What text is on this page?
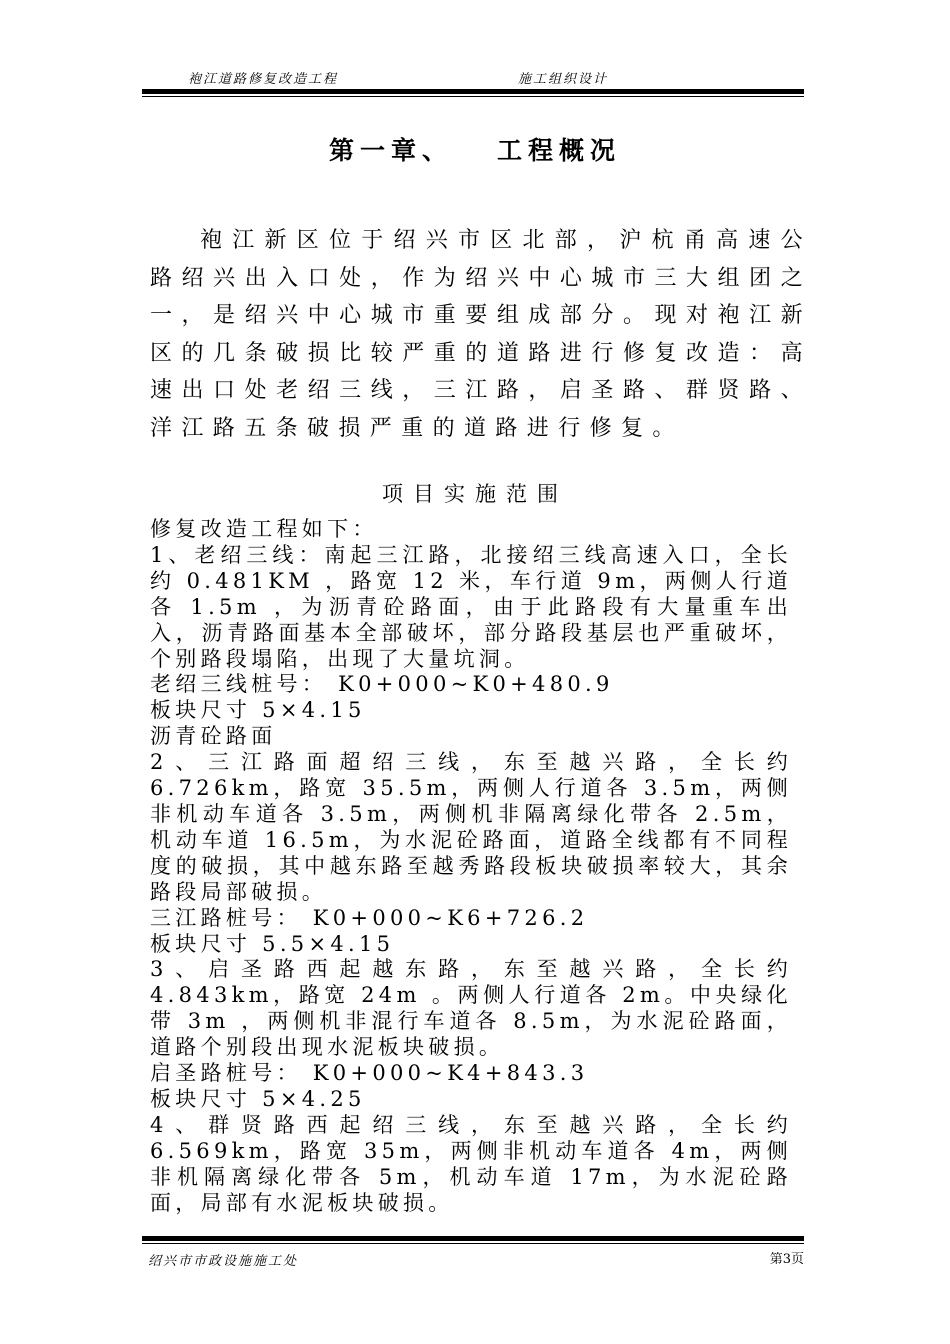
袍江道路修复改造工程	施工组织设计
第一章、 工程概况
袍江新区位于绍兴市区北部，沪杭甬高速公路绍兴出入口处，作为绍兴中心城市三大组团之一，是绍兴中心城市重要组成部分。现对袍江新区的几条破损比较严重的道路进行修复改造：高速出口处老绍三线，三江路，启圣路、群贤路、洋江路五条破损严重的道路进行修复。
项目实施范围

修复改造工程如下：

1、老绍三线：南起三江路，北接绍三线高速入口，全长约 0.481KM ，路宽 12 米，车行道 9m，两侧人行道各 1.5m ，为沥青砼路面，由于此路段有大量重车出入，沥青路面基本全部破坏，部分路段基层也严重破坏，个别路段塌陷，出现了大量坑洞。

老绍三线桩号： K0+000~K0+480.9

板块尺寸 5×4.15

沥青砼路面

2、三江路面超绍三线，东至越兴路，全长约 6.726km，路宽 35.5m，两侧人行道各 3.5m，两侧非机动车道各 3.5m，两侧机非隔离绿化带各 2.5m，机动车道 16.5m，为水泥砼路面，道路全线都有不同程度的破损，其中越东路至越秀路段板块破损率较大，其余路段局部破损。

三江路桩号： K0+000~K6+726.2

板块尺寸 5.5×4.15

3、启圣路西起越东路，东至越兴路，全长约 4.843km，路宽 24m 。两侧人行道各 2m。中央绿化带 3m ，两侧机非混行车道各 8.5m，为水泥砼路面，道路个别段出现水泥板块破损。

启圣路桩号： K0+000~K4+843.3

板块尺寸 5×4.25

4、群贤路西起绍三线，东至越兴路，全长约 6.569km，路宽 35m，两侧非机动车道各 4m，两侧非机隔离绿化带各 5m，机动车道 17m，为水泥砼路面，局部有水泥板块破损。

绍兴市市政设施施工处	第3页
